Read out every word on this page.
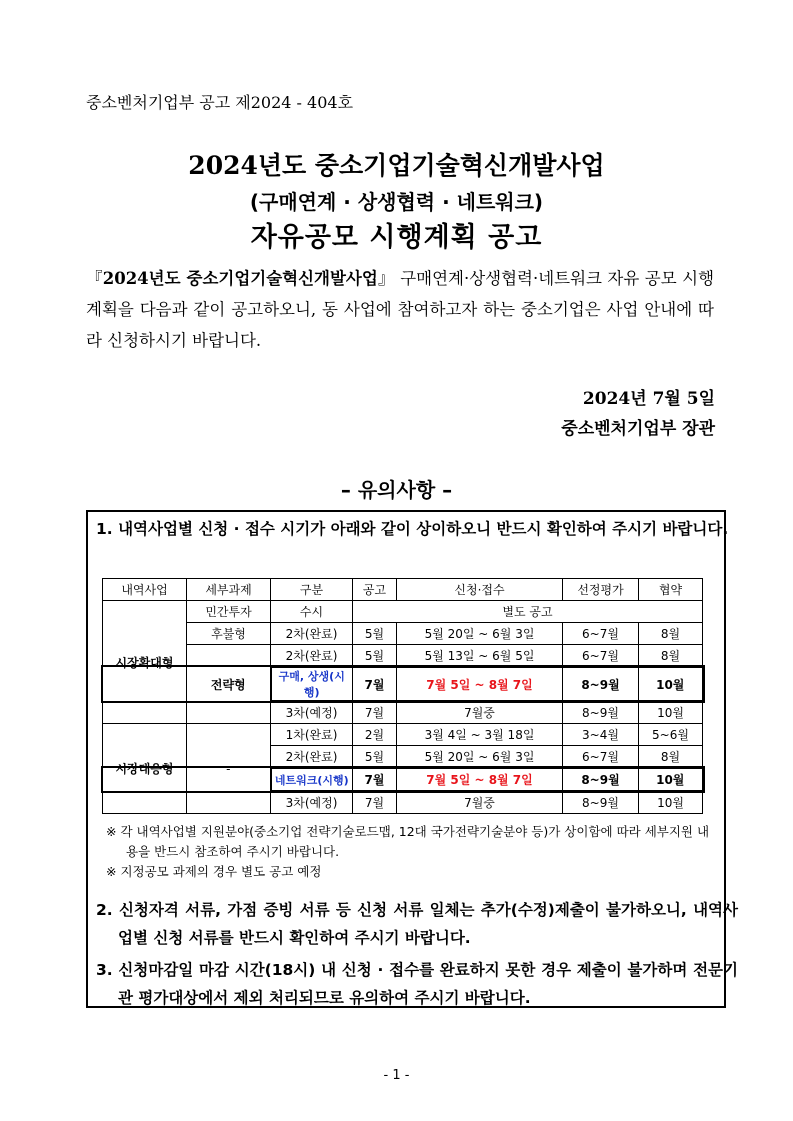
중소벤처기업부 공고 제2024 - 404호
2024년도 중소기업기술혁신개발사업
(구매연계 · 상생협력 · 네트워크)
자유공모 시행계획 공고
『2024년도 중소기업기술혁신개발사업』 구매연계·상생협력·네트워크 자유 공모 시행계획을 다음과 같이 공고하오니, 동 사업에 참여하고자 하는 중소기업은 사업 안내에 따라 신청하시기 바랍니다.
2024년 7월 5일
중소벤처기업부 장관
– 유의사항 –
1. 내역사업별 신청 · 접수 시기가 아래와 같이 상이하오니 반드시 확인하여 주시기 바랍니다.
내역사업	세부과제	구분	공고	신청·접수	선정평가	협약
시장확대형	민간투자	수시	별도 공고			
	후불형	2차(완료)	5월	5월 20일 ~ 6월 3일	6~7월	8월
	전략형	2차(완료)	5월	5월 13일 ~ 6월 5일	6~7월	8월
		구매, 상생(시행)	7월	7월 5일 ~ 8월 7일	8~9월	10월
		3차(예정)	7월	7월중	8~9월	10월
시장대응형	-	1차(완료)	2월	3월 4일 ~ 3월 18일	3~4월	5~6월
		2차(완료)	5월	5월 20일 ~ 6월 3일	6~7월	8월
		네트워크(시행)	7월	7월 5일 ~ 8월 7일	8~9월	10월
		3차(예정)	7월	7월중	8~9월	10월
※ 각 내역사업별 지원분야(중소기업 전략기술로드맵, 12대 국가전략기술분야 등)가 상이함에 따라 세부지원 내용을 반드시 참조하여 주시기 바랍니다.
※ 지정공모 과제의 경우 별도 공고 예정
2. 신청자격 서류, 가점 증빙 서류 등 신청 서류 일체는 추가(수정)제출이 불가하오니, 내역사업별 신청 서류를 반드시 확인하여 주시기 바랍니다.
3. 신청마감일 마감 시간(18시) 내 신청 · 접수를 완료하지 못한 경우 제출이 불가하며 전문기관 평가대상에서 제외 처리되므로 유의하여 주시기 바랍니다.
- 1 -
